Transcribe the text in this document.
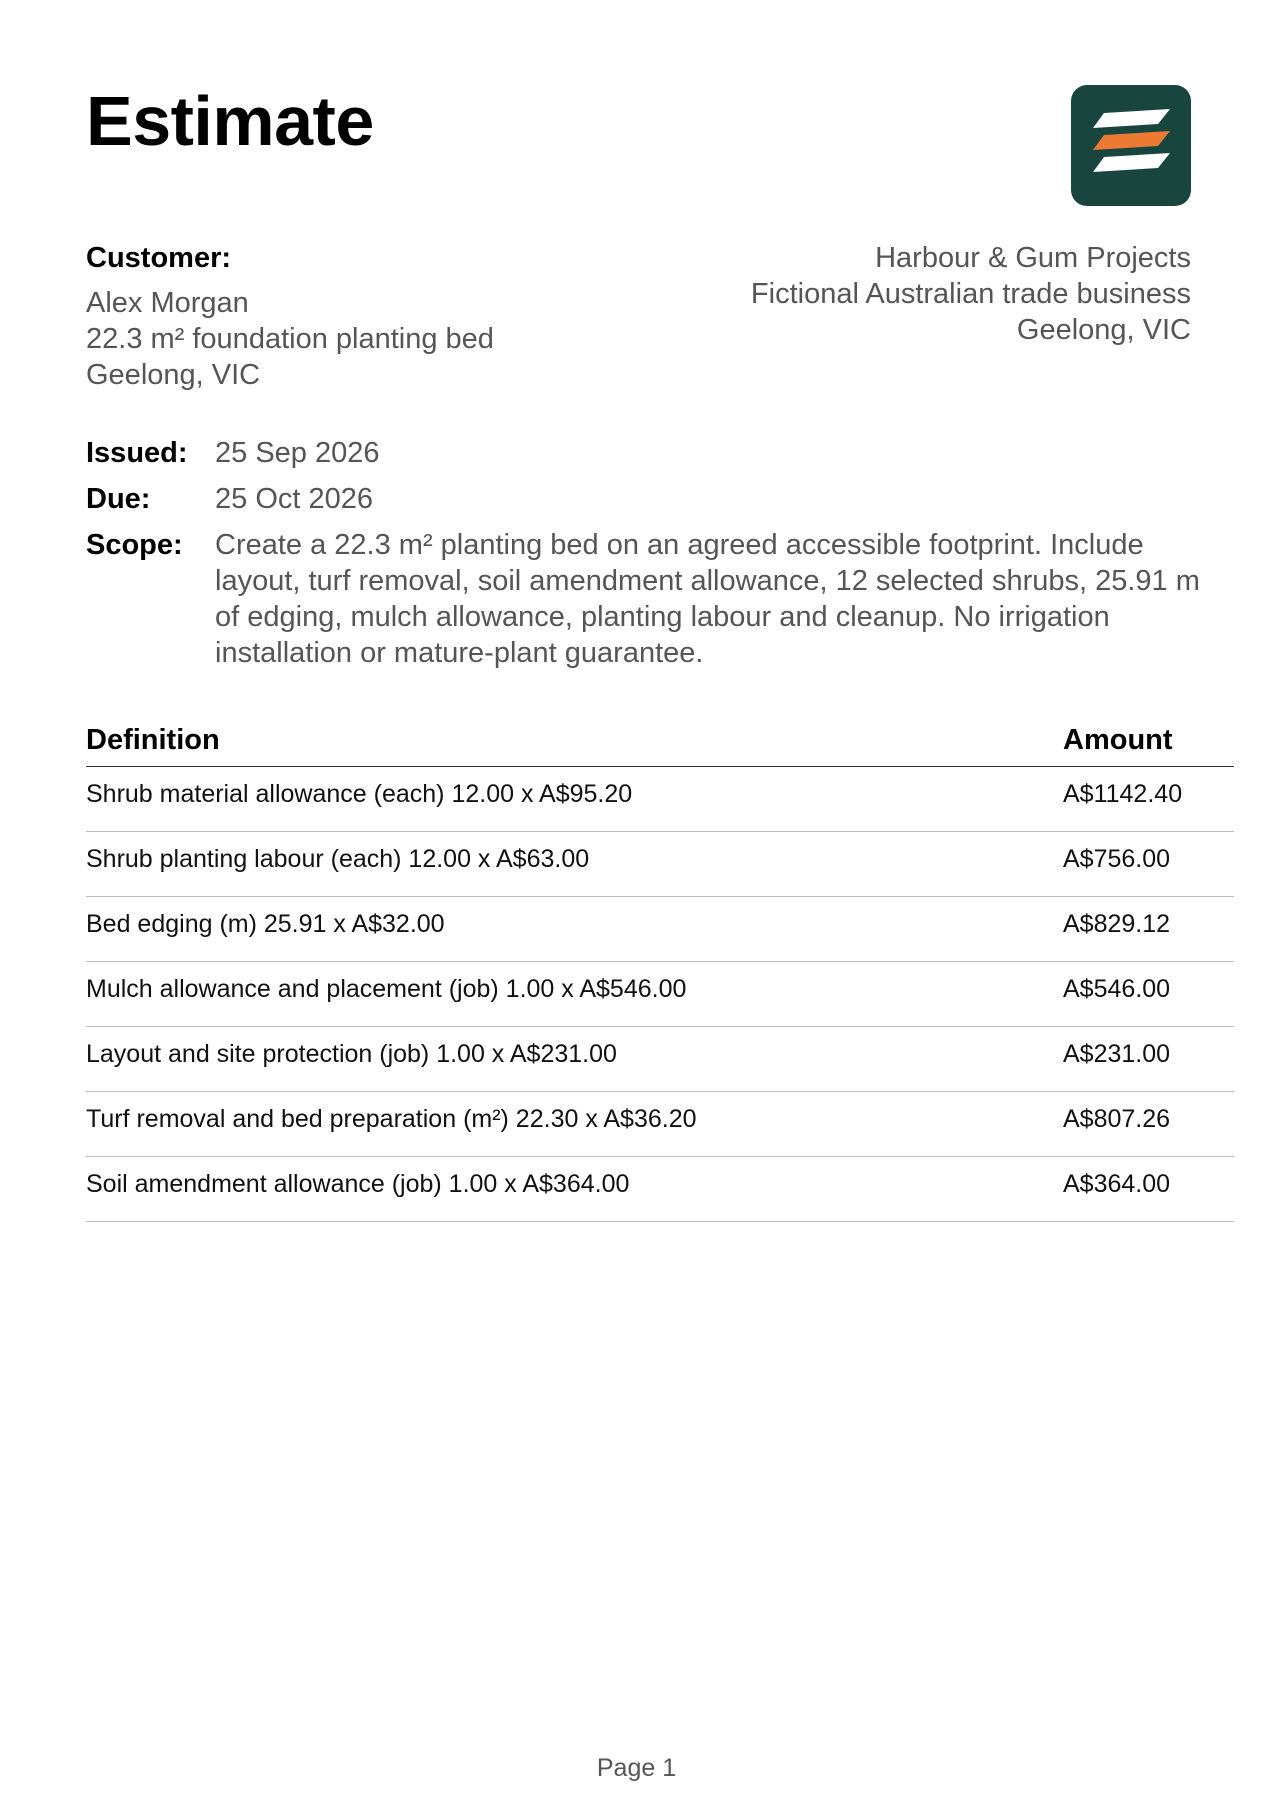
Estimate
Customer:
Alex Morgan
22.3 m² foundation planting bed
Geelong, VIC
Harbour & Gum Projects
Fictional Australian trade business
Geelong, VIC
Issued: 25 Sep 2026
Due: 25 Oct 2026
Scope: Create a 22.3 m² planting bed on an agreed accessible footprint. Include layout, turf removal, soil amendment allowance, 12 selected shrubs, 25.91 m of edging, mulch allowance, planting labour and cleanup. No irrigation installation or mature-plant guarantee.
Definition	Amount
Shrub material allowance (each) 12.00 x A$95.20	A$1142.40
Shrub planting labour (each) 12.00 x A$63.00	A$756.00
Bed edging (m) 25.91 x A$32.00	A$829.12
Mulch allowance and placement (job) 1.00 x A$546.00	A$546.00
Layout and site protection (job) 1.00 x A$231.00	A$231.00
Turf removal and bed preparation (m²) 22.30 x A$36.20	A$807.26
Soil amendment allowance (job) 1.00 x A$364.00	A$364.00
Page 1
